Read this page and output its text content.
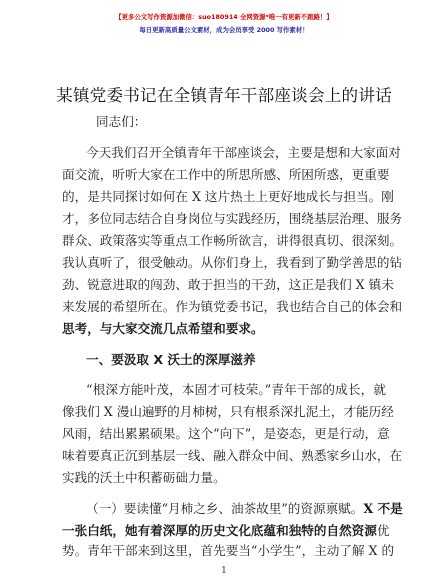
【更多公文写作资源加微信：suo180914 全网资源*唯一有更新不跑路！】
每日更新高质量公文素材，成为会员享受 2000 写作素材！
某镇党委书记在全镇青年干部座谈会上的讲话
同志们：
今天我们召开全镇青年干部座谈会，主要是想和大家面对
面交流，听听大家在工作中的所思所感、所困所惑，更重要
的，是共同探讨如何在 X 这片热土上更好地成长与担当。刚
才，多位同志结合自身岗位与实践经历，围绕基层治理、服务
群众、政策落实等重点工作畅所欲言，讲得很真切、很深刻。
我认真听了，很受触动。从你们身上，我看到了勤学善思的钻
劲、锐意进取的闯劲、敢于担当的干劲，这正是我们 X 镇未
来发展的希望所在。作为镇党委书记，我也结合自己的体会和
思考，与大家交流几点希望和要求。
一、要汲取 X 沃土的深厚滋养
“根深方能叶茂，本固才可枝荣。”青年干部的成长，就
像我们 X 漫山遍野的月柿树，只有根系深扎泥土，才能历经
风雨，结出累累硕果。这个“向下”，是姿态，更是行动，意
味着要真正沉到基层一线、融入群众中间、熟悉家乡山水，在
实践的沃土中积蓄砺础力量。
（一）要读懂“月柿之乡、油茶故里”的资源禀赋。X 不是
一张白纸，她有着深厚的历史文化底蕴和独特的自然资源优
势。青年干部来到这里，首先要当“小学生”，主动了解 X 的
1
